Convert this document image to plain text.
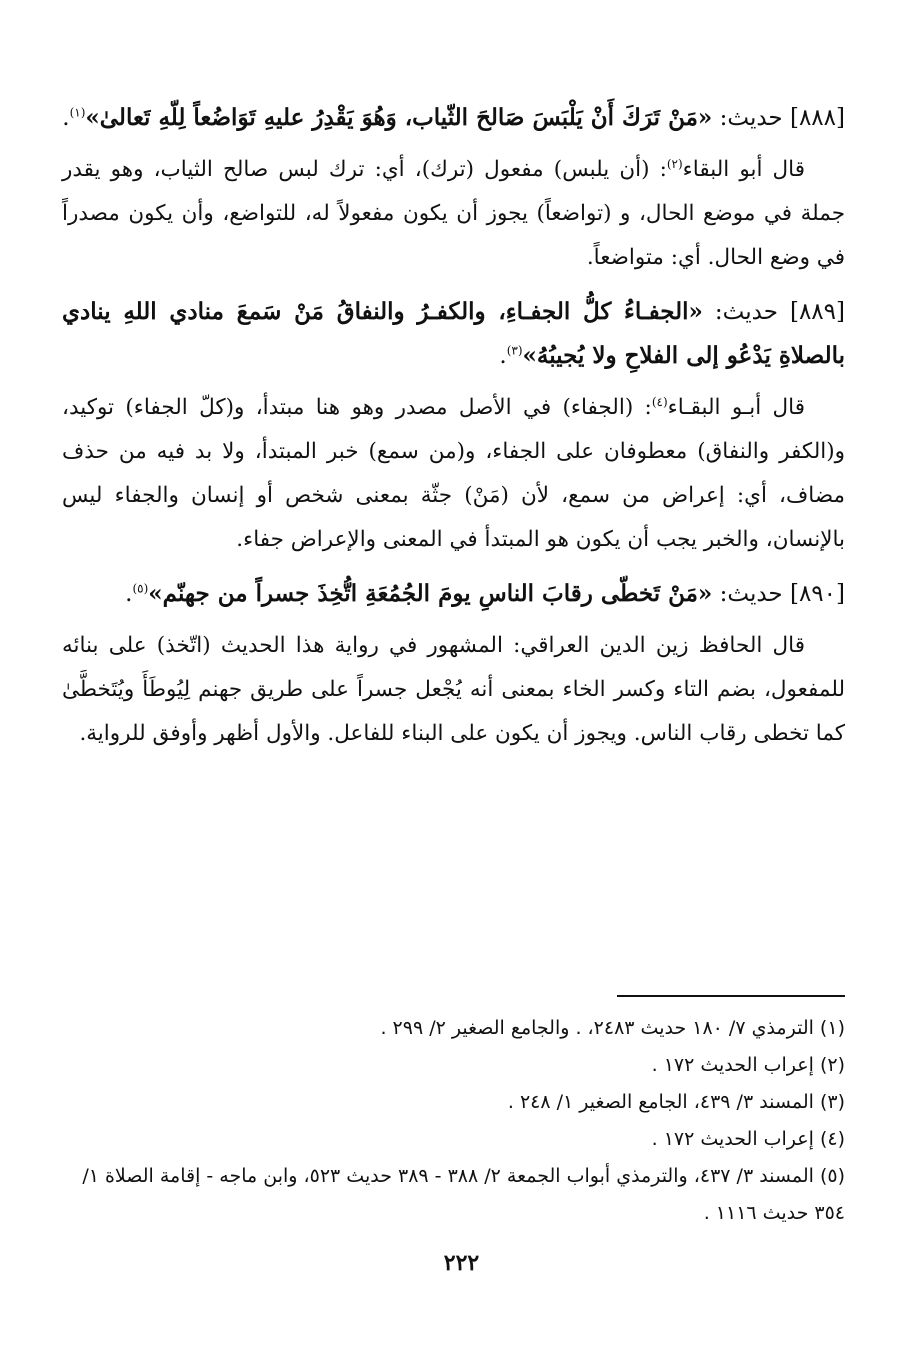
[٨٨٨] حديث: «مَنْ تَرَكَ أَنْ يَلْبَسَ صَالحَ الثّياب، وَهُوَ يَقْدِرُ عليهِ تَوَاضُعاً لِلّهِ تَعالىٰ»$^{(١)}$.

قال أبو البقاء$^{(٢)}$: (أن يلبس) مفعول (ترك)، أي: ترك لبس صالح الثياب، وهو يقدر جملة في موضع الحال، و (تواضعاً) يجوز أن يكون مفعولاً له، للتواضع، وأن يكون مصدراً في وضع الحال. أي: متواضعاً.

[٨٨٩] حديث: «الجفـاءُ كلُّ الجفـاءِ، والكفـرُ والنفاقُ مَنْ سَمعَ منادي اللهِ ينادي بالصلاةِ يَدْعُو إلى الفلاحِ ولا يُجيبُهُ»$^{(٣)}$.

قال أبـو البقـاء$^{(٤)}$: (الجفاء) في الأصل مصدر وهو هنا مبتدأ، و(كلّ الجفاء) توكيد، و(الكفر والنفاق) معطوفان على الجفاء، و(من سمع) خبر المبتدأ، ولا بد فيه من حذف مضاف، أي: إعراض من سمع، لأن (مَنْ) جثّة بمعنى شخص أو إنسان والجفاء ليس بالإنسان، والخبر يجب أن يكون هو المبتدأ في المعنى والإعراض جفاء.

[٨٩٠] حديث: «مَنْ تَخطّى رقابَ الناسِ يومَ الجُمُعَةِ اتُّخِذَ جسراً من جهنّم»$^{(٥)}$.

قال الحافظ زين الدين العراقي: المشهور في رواية هذا الحديث (اتّخذ) على بنائه للمفعول، بضم التاء وكسر الخاء بمعنى أنه يُجْعل جسراً على طريق جهنم لِيُوطَأَ ويُتَخطَّىٰ كما تخطى رقاب الناس. ويجوز أن يكون على البناء للفاعل. والأول أظهر وأوفق للرواية.

(١) الترمذي ٧/ ١٨٠ حديث ٢٤٨٣، . والجامع الصغير ٢/ ٢٩٩ .

(٢) إعراب الحديث ١٧٢ .

(٣) المسند ٣/ ٤٣٩، الجامع الصغير ١/ ٢٤٨ .

(٤) إعراب الحديث ١٧٢ .

(٥) المسند ٣/ ٤٣٧، والترمذي أبواب الجمعة ٢/ ٣٨٨ - ٣٨٩ حديث ٥٢٣، وابن ماجه - إقامة الصلاة ١/ ٣٥٤ حديث ١١١٦ .

٢٢٢
